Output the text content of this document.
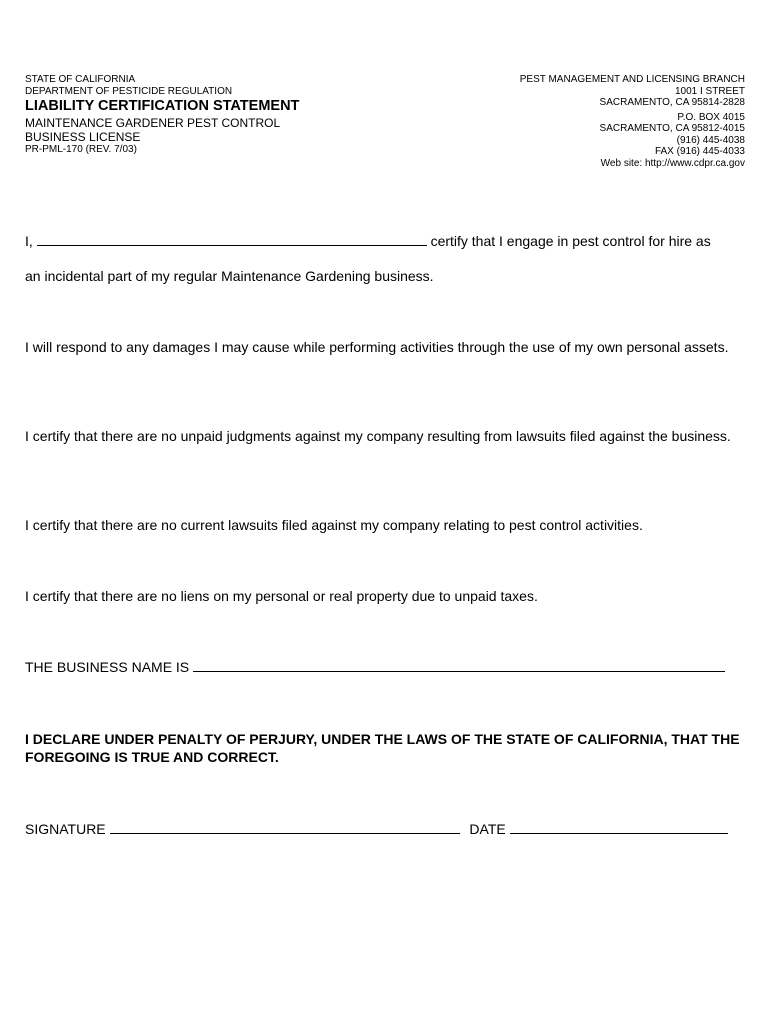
STATE OF CALIFORNIA
DEPARTMENT OF PESTICIDE REGULATION
LIABILITY CERTIFICATION STATEMENT
MAINTENANCE GARDENER PEST CONTROL
BUSINESS LICENSE
PR-PML-170 (REV. 7/03)
PEST MANAGEMENT AND LICENSING BRANCH
1001 I STREET
SACRAMENTO, CA 95814-2828
P.O. BOX 4015
SACRAMENTO, CA 95812-4015
(916) 445-4038
FAX (916) 445-4033
Web site: http://www.cdpr.ca.gov
I,	certify that I engage in pest control for hire as
an incidental part of my regular Maintenance Gardening business.
I will respond to any damages I may cause while performing activities through the use of my own personal assets.
I certify that there are no unpaid judgments against my company resulting from lawsuits filed against the business.
I certify that there are no current lawsuits filed against my company relating to pest control activities.
I certify that there are no liens on my personal or real property due to unpaid taxes.
THE BUSINESS NAME IS
I DECLARE UNDER PENALTY OF PERJURY, UNDER THE LAWS OF THE STATE OF CALIFORNIA, THAT THE FOREGOING IS TRUE AND CORRECT.
SIGNATURE	DATE
